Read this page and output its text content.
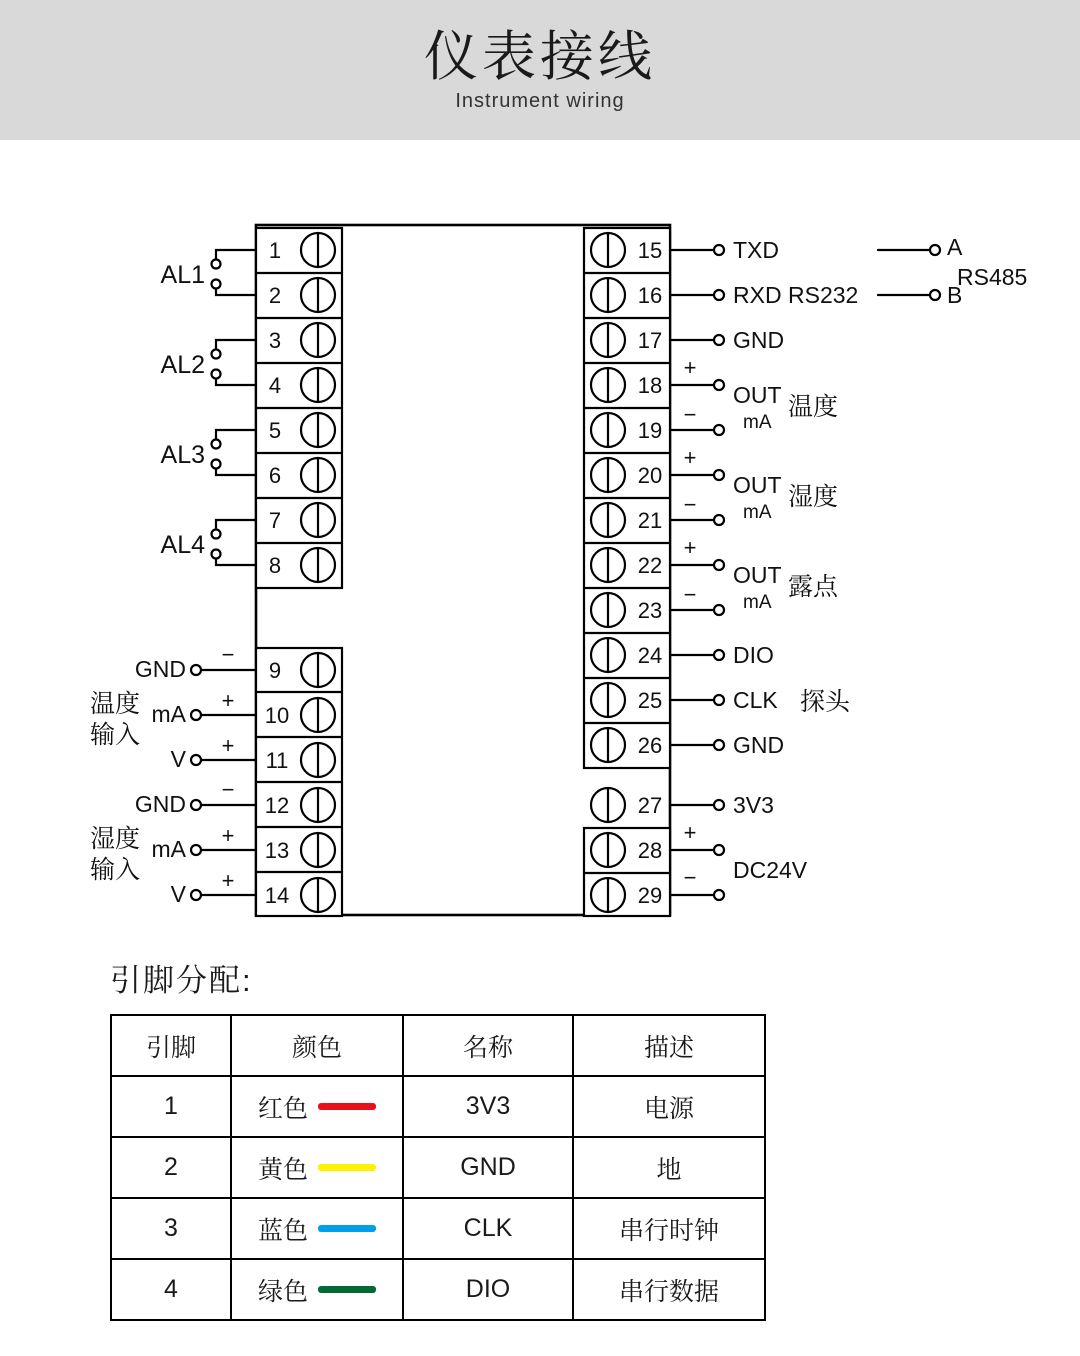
仪表接线
Instrument wiring
1
2
3
4
5
6
7
8
9
10
11
12
13
14
15
16
17
18
19
20
21
22
23
24
25
26
27
28
29
AL1
AL2
AL3
AL4
GND
mA
V
GND
mA
V
−
+
+
−
+
+
温度
输入
湿度
输入
TXD
RXD
GND
DIO
CLK
GND
3V3
+
−
+
−
+
−
+
−
RS232
RS485
A
B
OUT
mA
温度
OUT
mA
湿度
OUT
mA
露点
探头
DC24V
引脚分配:
引脚	颜色	名称	描述
1	红色	3V3	电源
2	黄色	GND	地
3	蓝色	CLK	串行时钟
4	绿色	DIO	串行数据
